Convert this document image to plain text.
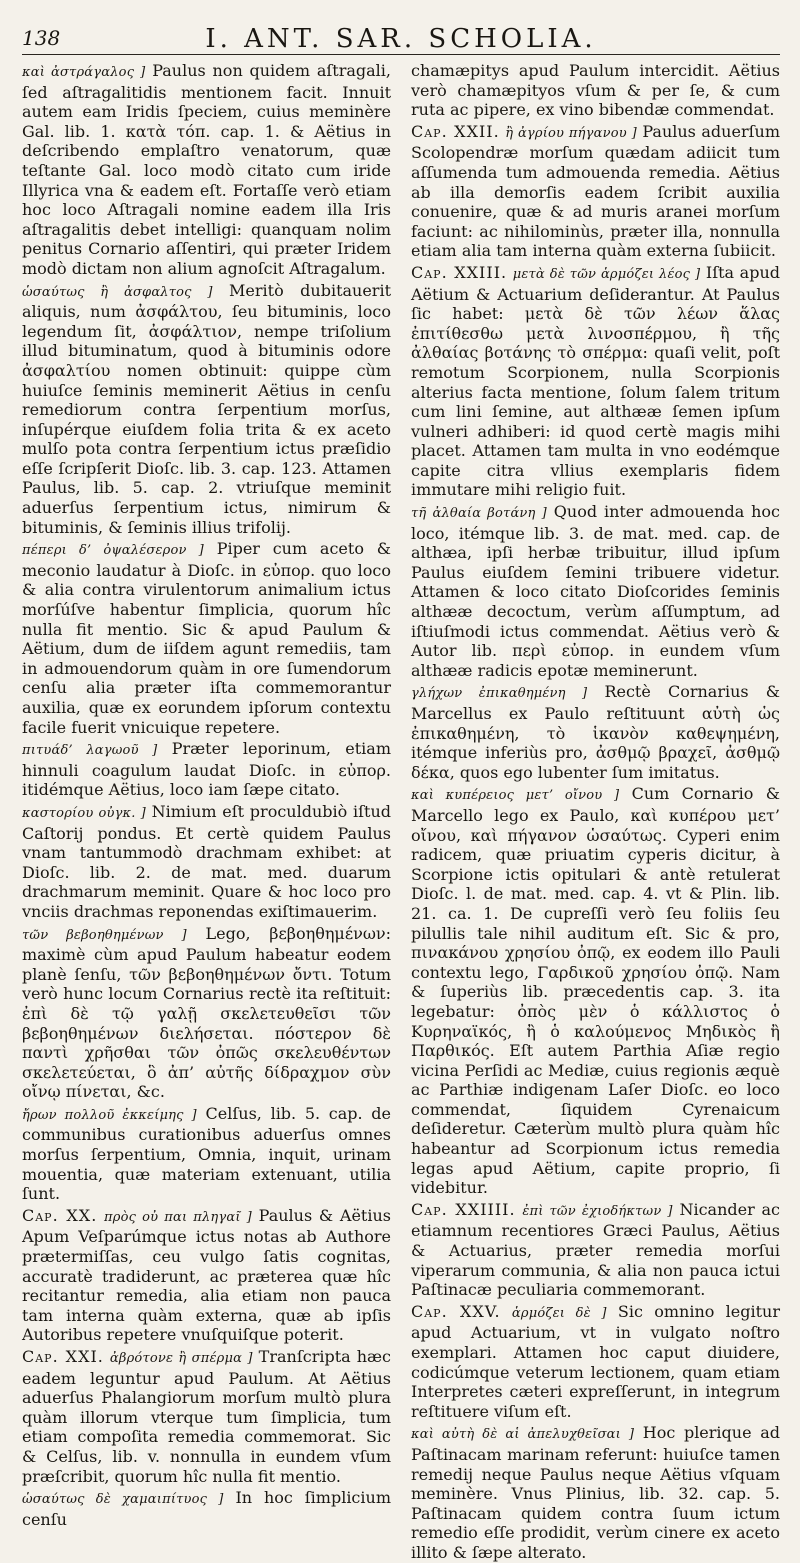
138	I. ANT. SAR. SCHOLIA.

καὶ ἀστράγαλος ] Paulus non quidem aſtragali, ſed aſtragalitidis mentionem facit. Innuit autem eam Iridis ſpeciem, cuius meminère Gal. lib. 1. κατὰ τόπ. cap. 1. & Aëtius in deſcribendo emplaſtro venatorum, quæ teſtante Gal. loco modò citato cum iride Illyrica vna & eadem eſt. Fortaſſe verò etiam hoc loco Aſtragali nomine eadem illa Iris aſtragalitis debet intelligi: quanquam nolim penitus Cornario aſſentiri, qui præter Iridem modò dictam non alium agnoſcit Aſtragalum.

ὡσαύτως ἢ ἀσφαλτος ] Meritò dubitauerit aliquis, num ἀσφάλτου, ſeu bituminis, loco legendum ſit, ἀσφάλτιον, nempe triſolium illud bituminatum, quod à bituminis odore ἀσφαλτίου nomen obtinuit: quippe cùm huiuſce ſeminis meminerit Aëtius in cenſu remediorum contra ſerpentium morſus, inſupérque eiuſdem folia trita & ex aceto mulſo pota contra ſerpentium ictus præſidio eſſe ſcripſerit Dioſc. lib. 3. cap. 123. Attamen Paulus, lib. 5. cap. 2. vtriuſque meminit aduerſus ſerpentium ictus, nimirum & bituminis, & ſeminis illius trifolij.

πέπερι δ’ ὀψαλέσερον ] Piper cum aceto & meconio laudatur à Dioſc. in εὐπορ. quo loco & alia contra virulentorum animalium ictus morſúſve habentur ſimplicia, quorum hîc nulla fit mentio. Sic & apud Paulum & Aëtium, dum de iiſdem agunt remediis, tam in admouendorum quàm in ore ſumendorum cenſu alia præter iſta commemorantur auxilia, quæ ex eorundem ipſorum contextu facile fuerit vnicuique repetere.

πιτυάδ’ λαγωοῦ ] Præter leporinum, etiam hinnuli coagulum laudat Dioſc. in εὐπορ. itidémque Aëtius, loco iam ſæpe citato.

καστορίου οὐγκ. ] Nimium eſt proculdubiò iſtud Caſtorij pondus. Et certè quidem Paulus vnam tantummodò drachmam exhibet: at Dioſc. lib. 2. de mat. med. duarum drachmarum meminit. Quare & hoc loco pro vnciis drachmas reponendas exiſtimauerim.

τῶν βεβοηθημένων ] Lego, βεβοηθημένων: maximè cùm apud Paulum habeatur eodem planè ſenſu, τῶν βεβοηθημένων ὄντι. Totum verò hunc locum Cornarius rectè ita reſtituit: ἐπὶ δὲ τῷ γαλῇ σκελετευθεῖσι τῶν βεβοηθημένων διελήσεται. πόστερον δὲ παντὶ χρῆσθαι τῶν ὀπῶς σκελευθέντων σκελετεύεται, ὃ ἀπ’ αὐτῆς δίδραχμον σὺν οἴνῳ πίνεται, &c.

ἤρων πολλοῦ ἐκκείμης ] Celſus, lib. 5. cap. de communibus curationibus aduerſus omnes morſus ſerpentium, Omnia, inquit, urinam mouentia, quæ materiam extenuant, utilia ſunt.

Cap. XX. πρὸς οὐ παι πληγαῖ ] Paulus & Aëtius Apum Veſparúmque ictus notas ab Authore prætermiſſas, ceu vulgo ſatis cognitas, accuratè tradiderunt, ac præterea quæ hîc recitantur remedia, alia etiam non pauca tam interna quàm externa, quæ ab ipſis Autoribus repetere vnuſquiſque poterit.

Cap. XXI. ἀβρότονε ἢ σπέρμα ] Tranſcripta hæc eadem leguntur apud Paulum. At Aëtius aduerſus Phalangiorum morſum multò plura quàm illorum vterque tum ſimplicia, tum etiam compoſita remedia commemorat. Sic & Celſus, lib. v. nonnulla in eundem vſum præſcribit, quorum hîc nulla fit mentio.

ὡσαύτως δὲ χαμαιπίτυος ] In hoc ſimplicium cenſu

chamæpitys apud Paulum intercidit. Aëtius verò chamæpityos vſum & per ſe, & cum ruta ac pipere, ex vino bibendæ commendat.

Cap. XXII. ἢ ἀγρίου πήγανου ] Paulus aduerſum Scolopendræ morſum quædam adiicit tum aſſumenda tum admouenda remedia. Aëtius ab illa demorſis eadem ſcribit auxilia conuenire, quæ & ad muris aranei morſum faciunt: ac nihilominùs, præter illa, nonnulla etiam alia tam interna quàm externa ſubiicit.

Cap. XXIII. μετὰ δὲ τῶν ἁρμόζει λέος ] Iſta apud Aëtium & Actuarium deſiderantur. At Paulus ſic habet: μετὰ δὲ τῶν λέων ἅλας ἐπιτίθεσθω μετὰ λινοσπέρμου, ἢ τῆς ἀλθαίας βοτάνης τὸ σπέρμα: quaſi velit, poſt remotum Scorpionem, nulla Scorpionis alterius facta mentione, ſolum ſalem tritum cum lini ſemine, aut althææ ſemen ipſum vulneri adhiberi: id quod certè magis mihi placet. Attamen tam multa in vno eodémque capite citra vllius exemplaris fidem immutare mihi religio fuit.

τῆ ἀλθαία βοτάνη ] Quod inter admouenda hoc loco, itémque lib. 3. de mat. med. cap. de althæa, ipſi herbæ tribuitur, illud ipſum Paulus eiuſdem ſemini tribuere videtur. Attamen & loco citato Dioſcorides ſeminis althææ decoctum, verùm aſſumptum, ad iſtiuſmodi ictus commendat. Aëtius verò & Autor lib. περὶ εὐπορ. in eundem vſum althææ radicis epotæ meminerunt.

γλήχων ἐπικαθημένη ] Rectè Cornarius & Marcellus ex Paulo reſtituunt αὐτὴ ὡς ἐπικαθημένη, τὸ ἱκανὸν καθεψημένη, itémque inferiùs pro, ἀσθμῷ βραχεῖ, ἀσθμῷ δέκα, quos ego lubenter ſum imitatus.

καὶ κυπέρειος μετ’ οἴνου ] Cum Cornario & Marcello lego ex Paulo, καὶ κυπέρου μετ’ οἴνου, καὶ πήγανον ὡσαύτως. Cyperi enim radicem, quæ priuatim cyperis dicitur, à Scorpione ictis opitulari & antè retulerat Dioſc. l. de mat. med. cap. 4. vt & Plin. lib. 21. ca. 1. De cupreſſi verò ſeu foliis ſeu pilullis tale nihil auditum eſt. Sic & pro, πινακάνου χρησίου ὀπῷ, ex eodem illo Pauli contextu lego, Γαρδικοῦ χρησίου ὀπῷ. Nam & ſuperiùs lib. præcedentis cap. 3. ita legebatur: ὀπὸς μὲν ὁ κάλλιστος ὁ Κυρηναϊκός, ἢ ὁ καλούμενος Μηδικὸς ἢ Παρθικός. Eſt autem Parthia Aſiæ regio vicina Perſidi ac Mediæ, cuius regionis æquè ac Parthiæ indigenam Laſer Dioſc. eo loco commendat, ſiquidem Cyrenaicum deſideretur. Cæterùm multò plura quàm hîc habeantur ad Scorpionum ictus remedia legas apud Aëtium, capite proprio, ſi videbitur.

Cap. XXIIII. ἐπὶ τῶν ἐχιοδήκτων ] Nicander ac etiamnum recentiores Græci Paulus, Aëtius & Actuarius, præter remedia morſui viperarum communia, & alia non pauca ictui Paſtinacæ peculiaria commemorant.

Cap. XXV. ἁρμόζει δὲ ] Sic omnino legitur apud Actuarium, vt in vulgato noſtro exemplari. Attamen hoc caput diuidere, codicúmque veterum lectionem, quam etiam Interpretes cæteri expreſſerunt, in integrum reſtituere viſum eſt.

καὶ αὐτὴ δὲ αἱ ἀπελυχθεῖσαι ] Hoc plerique ad Paſtinacam marinam referunt: huiuſce tamen remedij neque Paulus neque Aëtius vſquam meminère. Vnus Plinius, lib. 32. cap. 5. Paſtinacam quidem contra ſuum ictum remedio eſſe prodidit, verùm cinere ex aceto illito & ſæpe alterato.
